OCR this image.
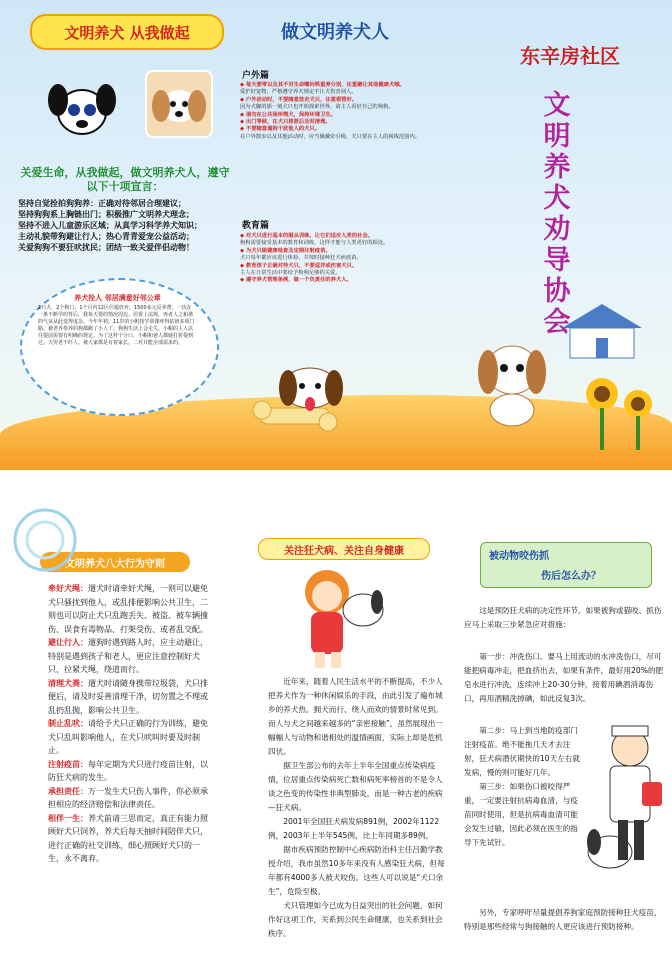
文明养犬 从我做起
关爱生命，从我做起，做文明养犬人，遵守以下十项宣言：
坚持自觉拴拍狗狗养：正确对待邻居合理建议；
坚持狗狗系上胸链出门；积极推广文明养犬理念；
坚持不进入儿童游乐区域；从真学习科学养犬知识；
主动礼貌带狗避让行人；热心青青爱宠公益活动；
关爱狗狗不要狂吠扰民；团结一致关爱伴侣动物！
养犬拴人 邻居满意好邻公章
1只犬，2个狗口，1个月内12区往遛放弃。1500多元反养费，一次在一条不断学的背后，我每天要的情况周边。居委上法规，再者人之和谐的气氛从此变得庞杂。今年年初，11岁的小帆按学训课疼得钻研多项门路。被老养参养的狗都跑了小人了。狗狗生活上会走失。小帽的主人以往提前需要有明确的规定。为了这样个分口，小帽和爸人都她打折提到过。天哭老不吓人。被大家都是有着家长。二对并能全部需求的。
做文明养犬人
户外篇
◆ 每天要带以及其不对生命嘲问哄重养分别，注重避让其他健康犬哦。
爱护好宠物，严格遵守养犬规定不让犬伤害别人。
◆ 户外活动时，不要随意放走犬只，注意看管好。
因为犬脚的那一刻犬只也开始探索世界，请主人看好自己的狗狗。
◆ 请勿在公共场所喂犬，保持环境卫生。
◆ 出门等候，在犬只排泄后及时清理。
◆ 不要随意遛狗干扰他人的犬只。
在户外散步以及其他活动时，应当佩戴牵引绳，犬只要在主人的视线范围内。
教育篇
◆ 对犬只进行基本的服从训练，让它们适应人类的社会。
狗狗需要接受基本的教育和训练，这样才能与人类更好的相处。
◆ 为犬只做健康检查及定期注射疫苗。
犬只每年都应该进行体检，并按时接种狂犬病疫苗。
◆ 教育孩子正确对待犬只，不要逗弄或伤害犬只。
主人在日常生活中要给予狗狗足够的关爱。
◆ 遵守养犬管理条例，做一个负责任的养犬人。
东辛房社区
文明养犬劝导协会
文明养犬八大行为守则
牵好犬绳：遛犬时请牵好犬绳，一则可以避免犬只骚扰到他人，或乱排便影响公共卫生，二则也可以防止犬只乱跑丢失、被盗、被车辆撞伤、误食有毒物品、打架受伤、或者乱交配。
避让行人：遛狗时遇到路人时，应主动避让，特别是遇到孩子和老人，更应注意控制好犬只，拉紧犬绳，绕道而行。
清理犬粪：遛犬时请随身携带垃圾袋，犬只排便后，请及时妥善清理干净，切勿置之不理或乱扔乱抛，影响公共卫生。
制止乱吠：请给予犬只正确的行为训练，避免犬只乱叫影响他人，在犬只吠叫时要及时制止。
注射疫苗：每年定期为犬只进行疫苗注射，以防狂犬病的发生。
承担责任：万一发生犬只伤人事件，你必须承担相应的经济赔偿和法律责任。
相伴一生：养犬前请三思而定，真正有能力照顾好犬只饲养，养犬后每天抽时间陪伴犬只，进行正确的社交训练，细心照顾好犬只的一生，永不离弃。
关注狂犬病、关注自身健康
近年来，随着人民生活水平的不断提高，不少人把养犬作为一种休闲娱乐的手段，由此引发了遍布城乡的养犬热。拥犬而行、绕人而欢的情景时常见到。而人与犬之间越来越多的“亲密接触”，虽然展现出一幅幅人与动物和谐相处的温情画面，实际上却是危机四伏。
据卫生部公布的去年上半年全国重点传染病疫情，位居重点传染病死亡数和病死率榜首的不是令人谈之色变的传染性非典型肺炎，而是一种古老的疾病—狂犬病。
2001年全国狂犬病发病891例，2002年1122例，2003年上半年545例，比上年同期多89例。
据市疾病预防控制中心疾病防治科主任吕勤学教授介绍，我市虽然10多年来没有人感染狂犬病，但每年都有4000多人被犬咬伤。这些人可以说是“犬口余生”，危险至极。
犬只管理如今已成为日益突出的社会问题，如何作好这项工作，关系到公民生命健康，也关系到社会秩序。
被动物咬伤抓
伤后怎么办？
这是预防狂犬病的决定性环节。如果被狗或猫咬、抓伤应马上采取三步紧急应对措施：
第一步：冲洗伤口。要马上用流动的水冲洗伤口，尽可能把病毒冲走，把血挤出去，如果有条件，最好用20%的肥皂水进行冲洗，连续冲上20-30分钟，接着用碘酒消毒伤口，再用酒精洗掉碘，如此反复3次。
第二步：马上到当地防疫部门注射疫苗。绝不能拖几天才去注射，狂犬病潜伏期快的10天左右就发病，慢的则可能好几年。
第三步：如果伤口被咬得严重，一定要注射抗病毒血清，与疫苗同时使用，但是抗病毒血清可能会发生过敏，因此必须在医生的指导下先试针。
另外，专家呼吁尽量提倡养狗家庭预防接种狂犬疫苗，特别是那些经常与狗接触的人更应该进行预防接种。
